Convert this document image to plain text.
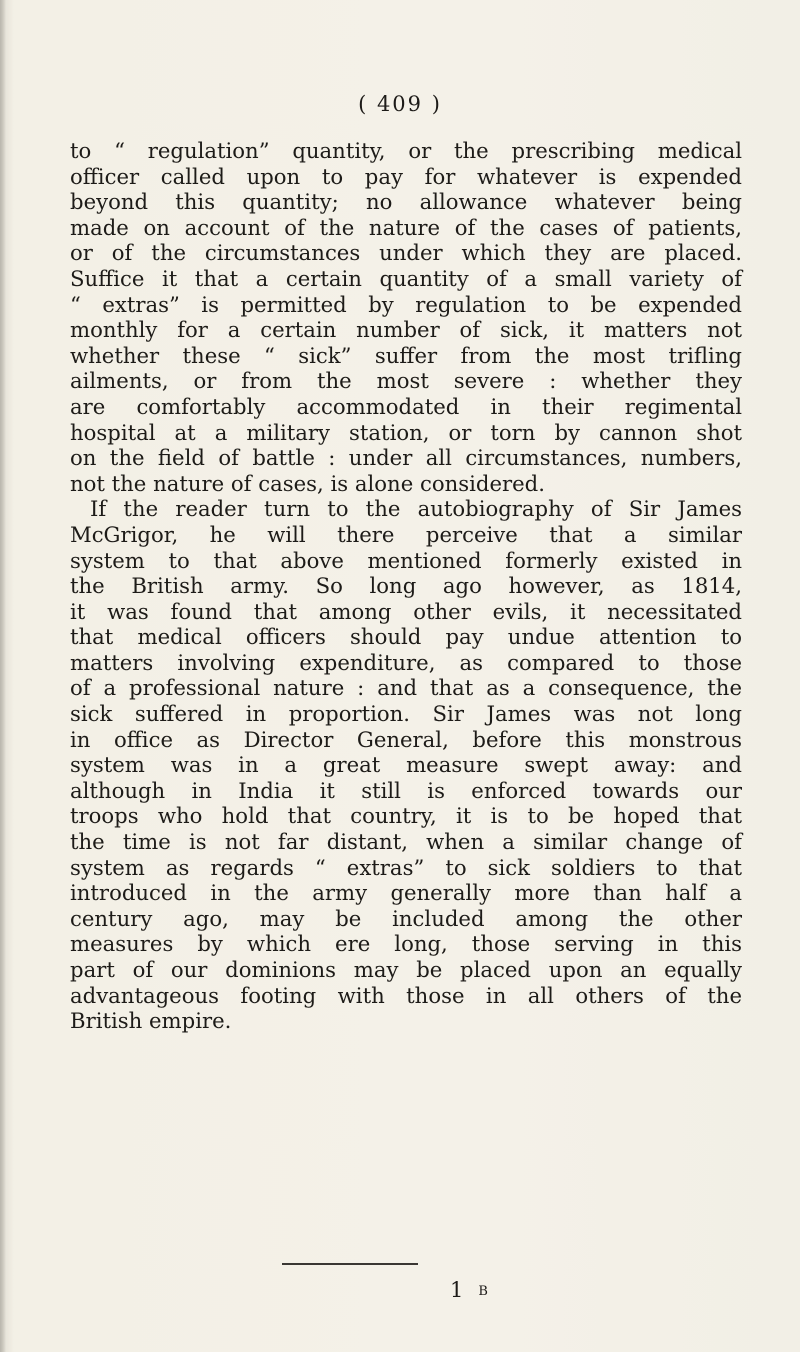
( 409 )
to “ regulation” quantity, or the prescribing medical
officer called upon to pay for whatever is expended
beyond this quantity; no allowance whatever being
made on account of the nature of the cases of patients,
or of the circumstances under which they are placed.
Suffice it that a certain quantity of a small variety of
“ extras” is permitted by regulation to be expended
monthly for a certain number of sick, it matters not
whether these “ sick” suffer from the most trifling
ailments, or from the most severe : whether they
are comfortably accommodated in their regimental
hospital at a military station, or torn by cannon shot
on the field of battle : under all circumstances, numbers,
not the nature of cases, is alone considered.
If the reader turn to the autobiography of Sir James
McGrigor, he will there perceive that a similar
system to that above mentioned formerly existed in
the British army. So long ago however, as 1814,
it was found that among other evils, it necessitated
that medical officers should pay undue attention to
matters involving expenditure, as compared to those
of a professional nature : and that as a consequence, the
sick suffered in proportion. Sir James was not long
in office as Director General, before this monstrous
system was in a great measure swept away: and
although in India it still is enforced towards our
troops who hold that country, it is to be hoped that
the time is not far distant, when a similar change of
system as regards “ extras” to sick soldiers to that
introduced in the army generally more than half a
century ago, may be included among the other
measures by which ere long, those serving in this
part of our dominions may be placed upon an equally
advantageous footing with those in all others of the
British empire.
1 B
